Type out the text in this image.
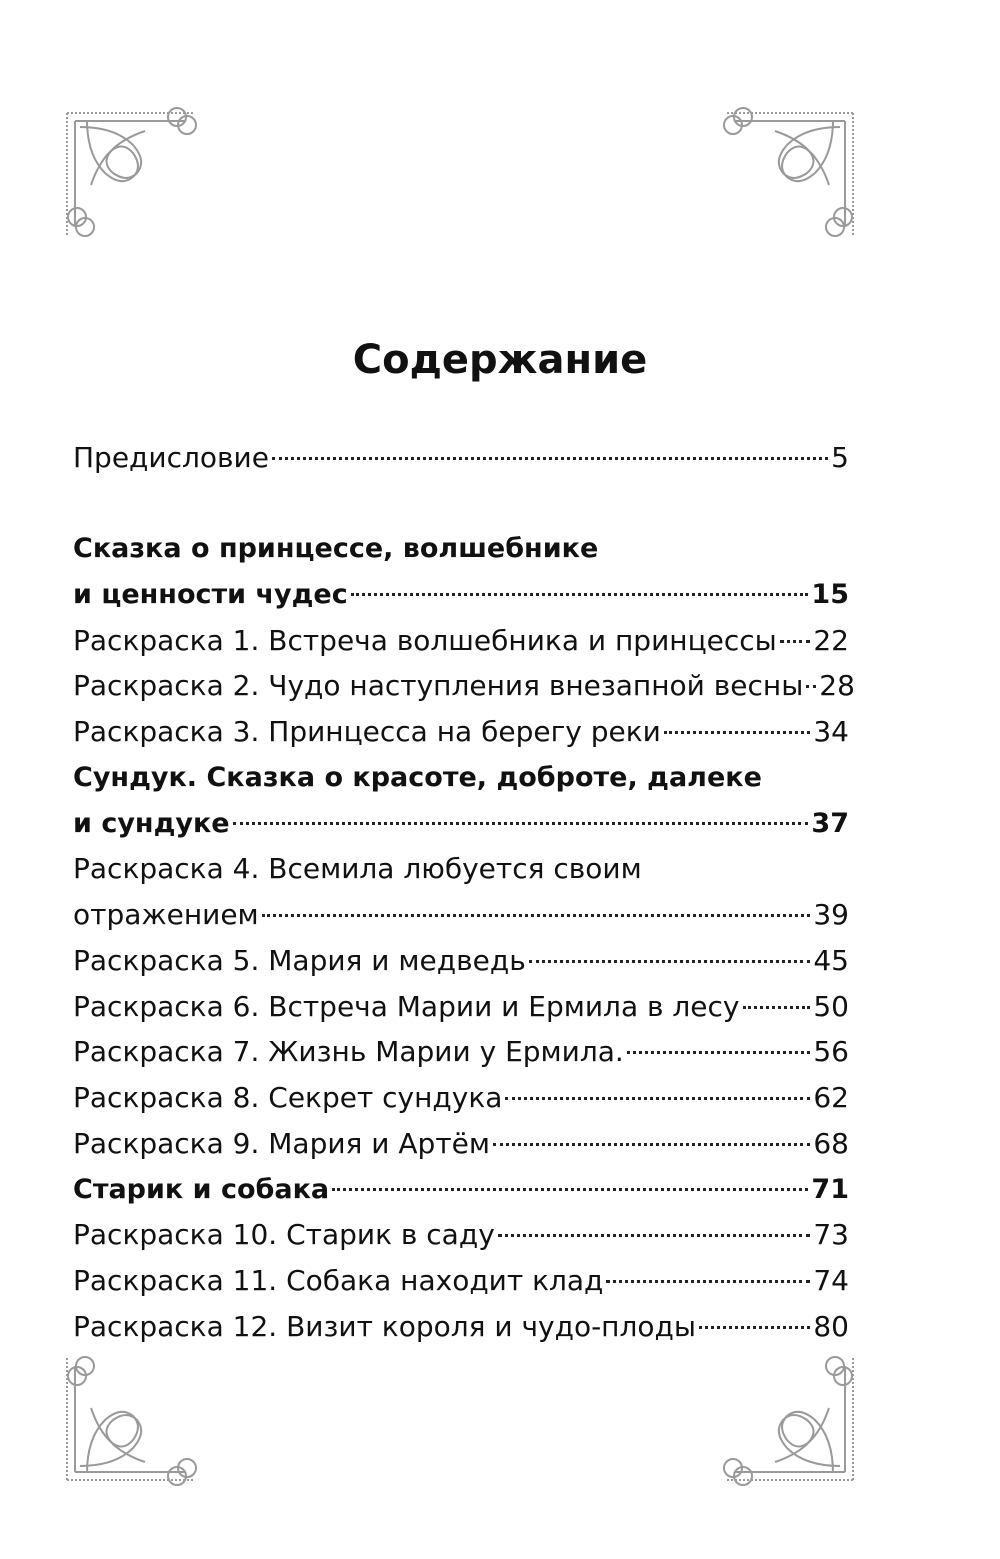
Содержание
Предисловие	5
Сказка о принцессе, волшебнике
и ценности чудес	15
Раскраска 1. Встреча волшебника и принцессы 22
Раскраска 2. Чудо наступления внезапной весны 28
Раскраска 3. Принцесса на берегу реки	34
Сундук. Сказка о красоте, доброте, далеке
и сундуке	37
Раскраска 4. Всемила любуется своим
отражением	39
Раскраска 5. Мария и медведь	45
Раскраска 6. Встреча Марии и Ермила в лесу	50
Раскраска 7. Жизнь Марии у Ермила.	56
Раскраска 8. Секрет сундука	62
Раскраска 9. Мария и Артём	68
Старик и собака	71
Раскраска 10. Старик в саду	73
Раскраска 11. Собака находит клад	74
Раскраска 12. Визит короля и чудо-плоды	80
